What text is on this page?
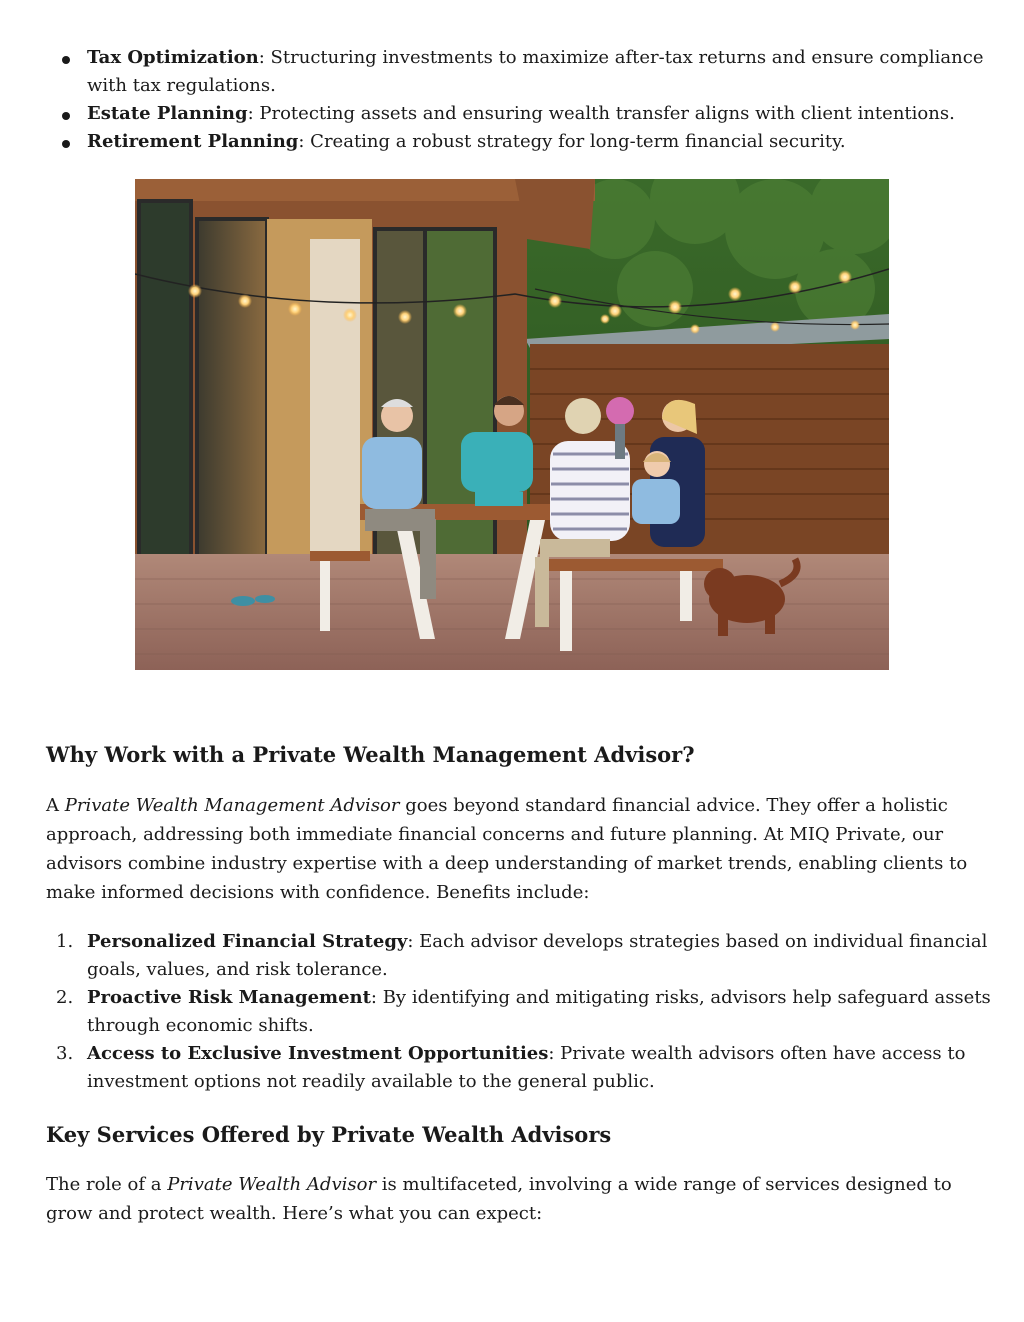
Tax Optimization: Structuring investments to maximize after-tax returns and ensure compliance with tax regulations.
Estate Planning: Protecting assets and ensuring wealth transfer aligns with client intentions.
Retirement Planning: Creating a robust strategy for long-term financial security.
Why Work with a Private Wealth Management Advisor?

A Private Wealth Management Advisor goes beyond standard financial advice. They offer a holistic approach, addressing both immediate financial concerns and future planning. At MIQ Private, our advisors combine industry expertise with a deep understanding of market trends, enabling clients to make informed decisions with confidence. Benefits include:

1. Personalized Financial Strategy: Each advisor develops strategies based on individual financial goals, values, and risk tolerance.
2. Proactive Risk Management: By identifying and mitigating risks, advisors help safeguard assets through economic shifts.
3. Access to Exclusive Investment Opportunities: Private wealth advisors often have access to investment options not readily available to the general public.
Key Services Offered by Private Wealth Advisors

The role of a Private Wealth Advisor is multifaceted, involving a wide range of services designed to grow and protect wealth. Here’s what you can expect:
